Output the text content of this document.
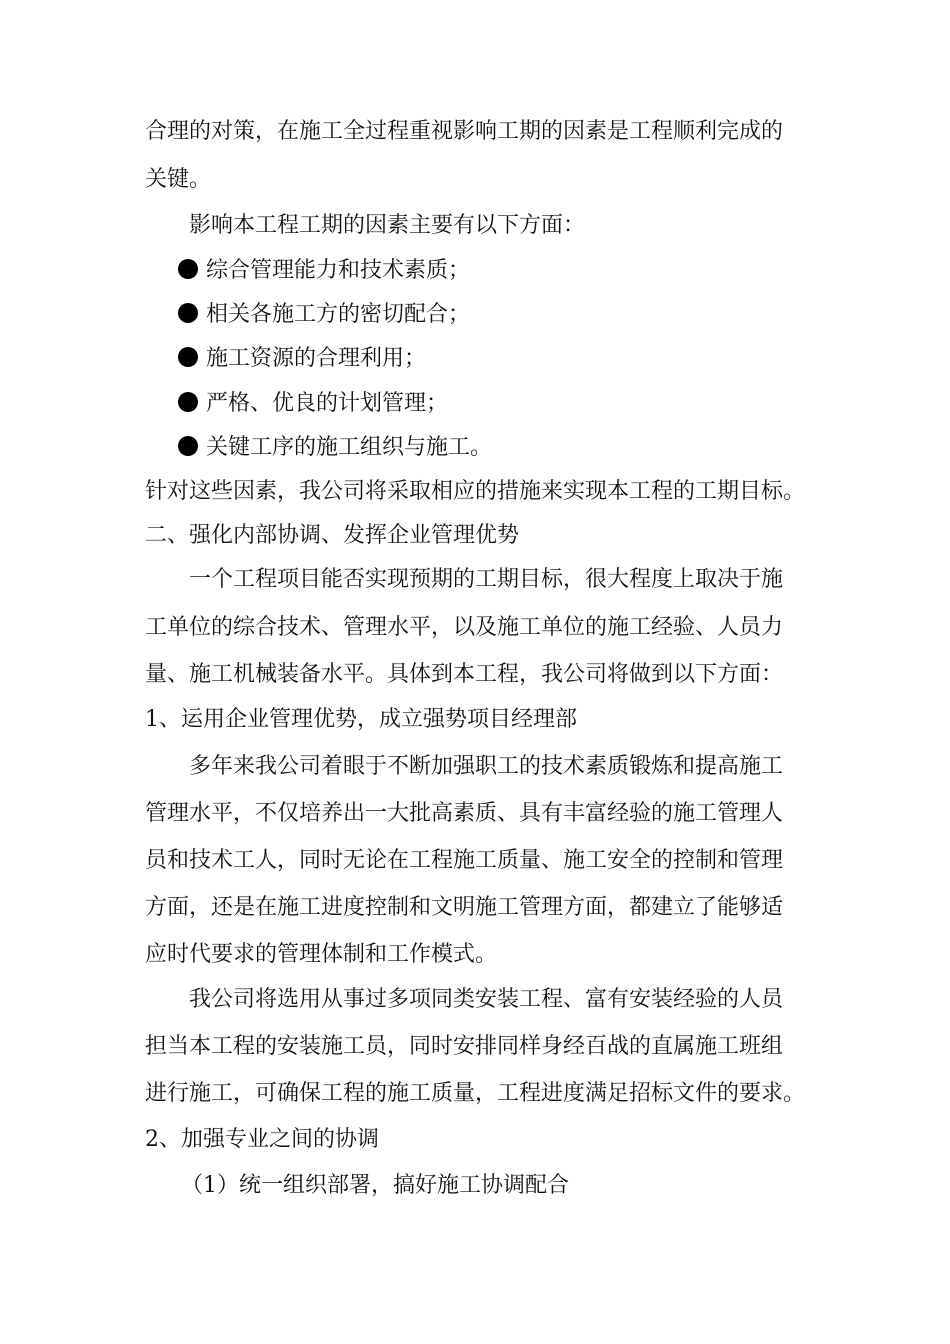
合理的对策，在施工全过程重视影响工期的因素是工程顺利完成的
关键。
影响本工程工期的因素主要有以下方面：
综合管理能力和技术素质；
相关各施工方的密切配合；
施工资源的合理利用；
严格、优良的计划管理；
关键工序的施工组织与施工。
针对这些因素，我公司将采取相应的措施来实现本工程的工期目标。
二、强化内部协调、发挥企业管理优势
一个工程项目能否实现预期的工期目标，很大程度上取决于施
工单位的综合技术、管理水平，以及施工单位的施工经验、人员力
量、施工机械装备水平。具体到本工程，我公司将做到以下方面：
1、运用企业管理优势，成立强势项目经理部
多年来我公司着眼于不断加强职工的技术素质锻炼和提高施工
管理水平，不仅培养出一大批高素质、具有丰富经验的施工管理人
员和技术工人，同时无论在工程施工质量、施工安全的控制和管理
方面，还是在施工进度控制和文明施工管理方面，都建立了能够适
应时代要求的管理体制和工作模式。
我公司将选用从事过多项同类安装工程、富有安装经验的人员
担当本工程的安装施工员，同时安排同样身经百战的直属施工班组
进行施工，可确保工程的施工质量，工程进度满足招标文件的要求。
2、加强专业之间的协调
（1）统一组织部署，搞好施工协调配合
